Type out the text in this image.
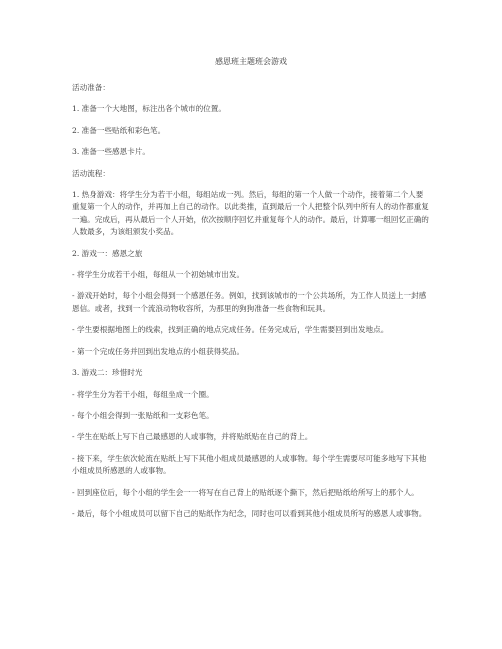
感恩班主题班会游戏

活动准备：

1. 准备一个大地图，标注出各个城市的位置。

2. 准备一些贴纸和彩色笔。

3. 准备一些感恩卡片。

活动流程：

1. 热身游戏：将学生分为若干小组，每组站成一列。然后，每组的第一个人做一个动作，接着第二个人要重复第一个人的动作，并再加上自己的动作。以此类推，直到最后一个人把整个队列中所有人的动作都重复一遍。完成后，再从最后一个人开始，依次按顺序回忆并重复每个人的动作。最后，计算哪一组回忆正确的人数最多，为该组颁发小奖品。

2. 游戏一：感恩之旅

- 将学生分成若干小组，每组从一个初始城市出发。

- 游戏开始时，每个小组会得到一个感恩任务。例如，找到该城市的一个公共场所，为工作人员送上一封感恩信。或者，找到一个流浪动物收容所，为那里的狗狗准备一些食物和玩具。

- 学生要根据地图上的线索，找到正确的地点完成任务。任务完成后，学生需要回到出发地点。

- 第一个完成任务并回到出发地点的小组获得奖品。

3. 游戏二：珍惜时光

- 将学生分为若干小组，每组坐成一个圈。

- 每个小组会得到一张贴纸和一支彩色笔。

- 学生在贴纸上写下自己最感恩的人或事物，并将贴纸贴在自己的背上。

- 接下来，学生依次轮流在贴纸上写下其他小组成员最感恩的人或事物。每个学生需要尽可能多地写下其他小组成员所感恩的人或事物。

- 回到座位后，每个小组的学生会一一将写在自己背上的贴纸逐个撕下，然后把贴纸给所写上的那个人。

- 最后，每个小组成员可以留下自己的贴纸作为纪念，同时也可以看到其他小组成员所写的感恩人或事物。
